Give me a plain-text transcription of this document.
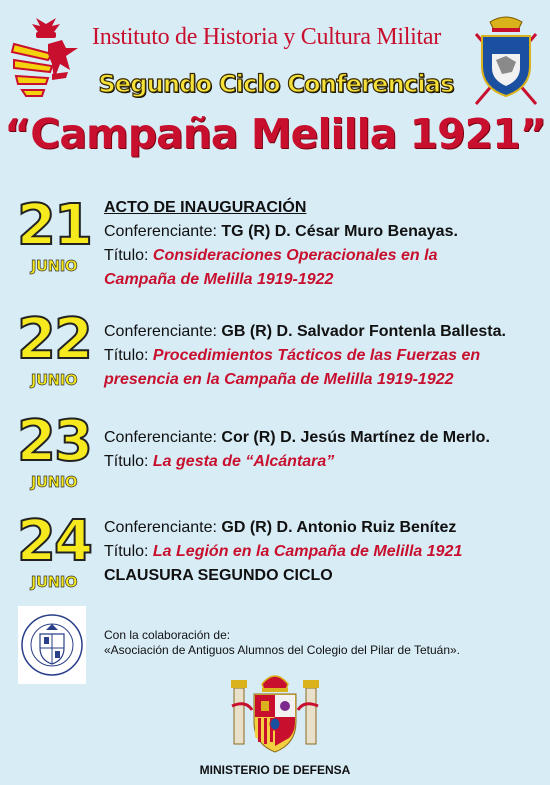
Instituto de Historia y Cultura Militar
Segundo Ciclo Conferencias
“Campaña Melilla 1921”
21
JUNIO
ACTO DE INAUGURACIÓN
Conferenciante: TG (R) D. César Muro Benayas.
Título: Consideraciones Operacionales en la
Campaña de Melilla 1919-1922
22
JUNIO
Conferenciante: GB (R) D. Salvador Fontenla Ballesta.
Título: Procedimientos Tácticos de las Fuerzas en
presencia en la Campaña de Melilla 1919-1922
23
JUNIO
Conferenciante: Cor (R) D. Jesús Martínez de Merlo.
Título: La gesta de “Alcántara”
24
JUNIO
Conferenciante: GD (R) D. Antonio Ruiz Benítez
Título: La Legión en la Campaña de Melilla 1921
CLAUSURA SEGUNDO CICLO
Con la colaboración de:
«Asociación de Antiguos Alumnos del Colegio del Pilar de Tetuán».
MINISTERIO DE DEFENSA
